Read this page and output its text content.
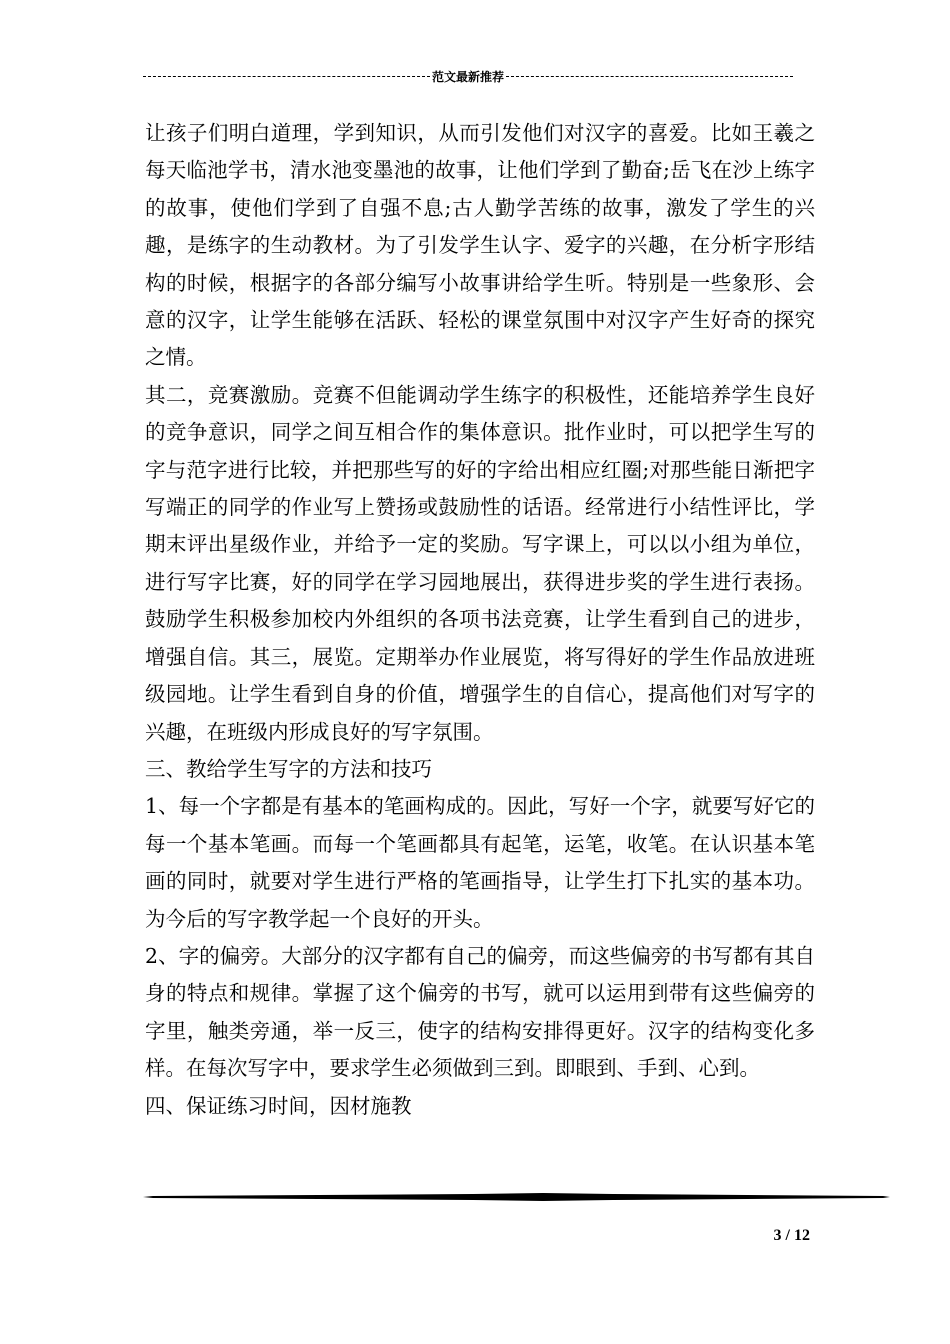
范文最新推荐

让孩子们明白道理，学到知识，从而引发他们对汉字的喜爱。比如王羲之每天临池学书，清水池变墨池的故事，让他们学到了勤奋;岳飞在沙上练字的故事，使他们学到了自强不息;古人勤学苦练的故事，激发了学生的兴趣，是练字的生动教材。为了引发学生认字、爱字的兴趣，在分析字形结构的时候，根据字的各部分编写小故事讲给学生听。特别是一些象形、会意的汉字，让学生能够在活跃、轻松的课堂氛围中对汉字产生好奇的探究之情。

其二，竞赛激励。竞赛不但能调动学生练字的积极性，还能培养学生良好的竞争意识，同学之间互相合作的集体意识。批作业时，可以把学生写的字与范字进行比较，并把那些写的好的字给出相应红圈;对那些能日渐把字写端正的同学的作业写上赞扬或鼓励性的话语。经常进行小结性评比，学期末评出星级作业，并给予一定的奖励。写字课上，可以以小组为单位，进行写字比赛，好的同学在学习园地展出，获得进步奖的学生进行表扬。鼓励学生积极参加校内外组织的各项书法竞赛，让学生看到自己的进步，增强自信。其三，展览。定期举办作业展览，将写得好的学生作品放进班级园地。让学生看到自身的价值，增强学生的自信心，提高他们对写字的兴趣，在班级内形成良好的写字氛围。

三、教给学生写字的方法和技巧

1、每一个字都是有基本的笔画构成的。因此，写好一个字，就要写好它的每一个基本笔画。而每一个笔画都具有起笔，运笔，收笔。在认识基本笔画的同时，就要对学生进行严格的笔画指导，让学生打下扎实的基本功。为今后的写字教学起一个良好的开头。

2、字的偏旁。大部分的汉字都有自己的偏旁，而这些偏旁的书写都有其自身的特点和规律。掌握了这个偏旁的书写，就可以运用到带有这些偏旁的字里，触类旁通，举一反三，使字的结构安排得更好。汉字的结构变化多样。在每次写字中，要求学生必须做到三到。即眼到、手到、心到。

四、保证练习时间，因材施教

3 / 12
